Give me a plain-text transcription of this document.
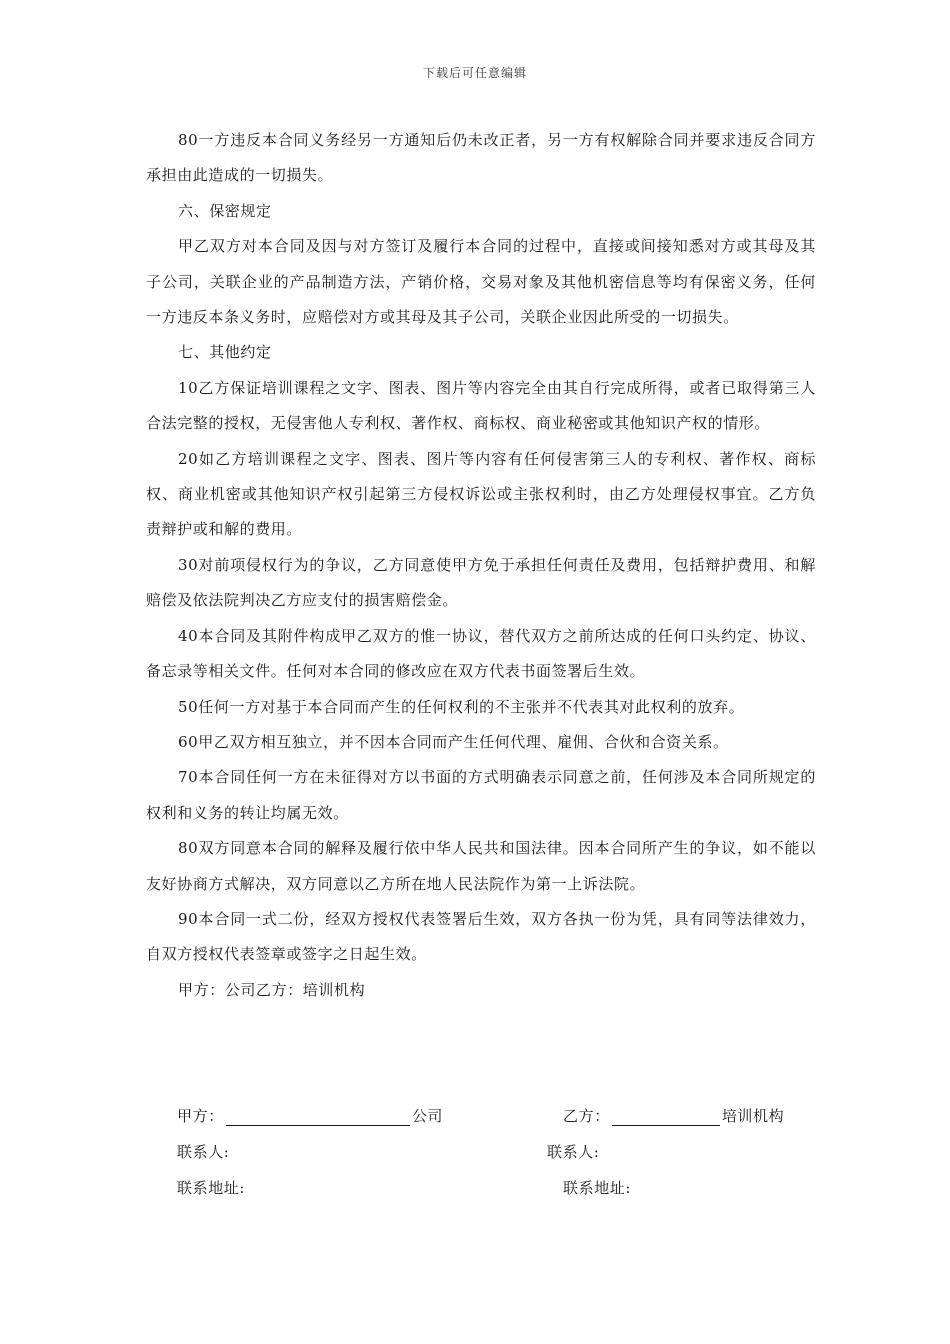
下载后可任意编辑

80一方违反本合同义务经另一方通知后仍未改正者，另一方有权解除合同并要求违反合同方承担由此造成的一切损失。

六、保密规定

甲乙双方对本合同及因与对方签订及履行本合同的过程中，直接或间接知悉对方或其母及其子公司，关联企业的产品制造方法，产销价格，交易对象及其他机密信息等均有保密义务，任何一方违反本条义务时，应赔偿对方或其母及其子公司，关联企业因此所受的一切损失。

七、其他约定

10乙方保证培训课程之文字、图表、图片等内容完全由其自行完成所得，或者已取得第三人合法完整的授权，无侵害他人专利权、著作权、商标权、商业秘密或其他知识产权的情形。

20如乙方培训课程之文字、图表、图片等内容有任何侵害第三人的专利权、著作权、商标权、商业机密或其他知识产权引起第三方侵权诉讼或主张权利时，由乙方处理侵权事宜。乙方负责辩护或和解的费用。

30对前项侵权行为的争议，乙方同意使甲方免于承担任何责任及费用，包括辩护费用、和解赔偿及依法院判决乙方应支付的损害赔偿金。

40本合同及其附件构成甲乙双方的惟一协议，替代双方之前所达成的任何口头约定、协议、备忘录等相关文件。任何对本合同的修改应在双方代表书面签署后生效。

50任何一方对基于本合同而产生的任何权利的不主张并不代表其对此权利的放弃。

60甲乙双方相互独立，并不因本合同而产生任何代理、雇佣、合伙和合资关系。

70本合同任何一方在未征得对方以书面的方式明确表示同意之前，任何涉及本合同所规定的权利和义务的转让均属无效。

80双方同意本合同的解释及履行依中华人民共和国法律。因本合同所产生的争议，如不能以友好协商方式解决，双方同意以乙方所在地人民法院作为第一上诉法院。

90本合同一式二份，经双方授权代表签署后生效，双方各执一份为凭，具有同等法律效力，自双方授权代表签章或签字之日起生效。

甲方：公司乙方：培训机构

甲方：	公司	乙方：	培训机构
联系人:	联系人:
联系地址:	联系地址:
